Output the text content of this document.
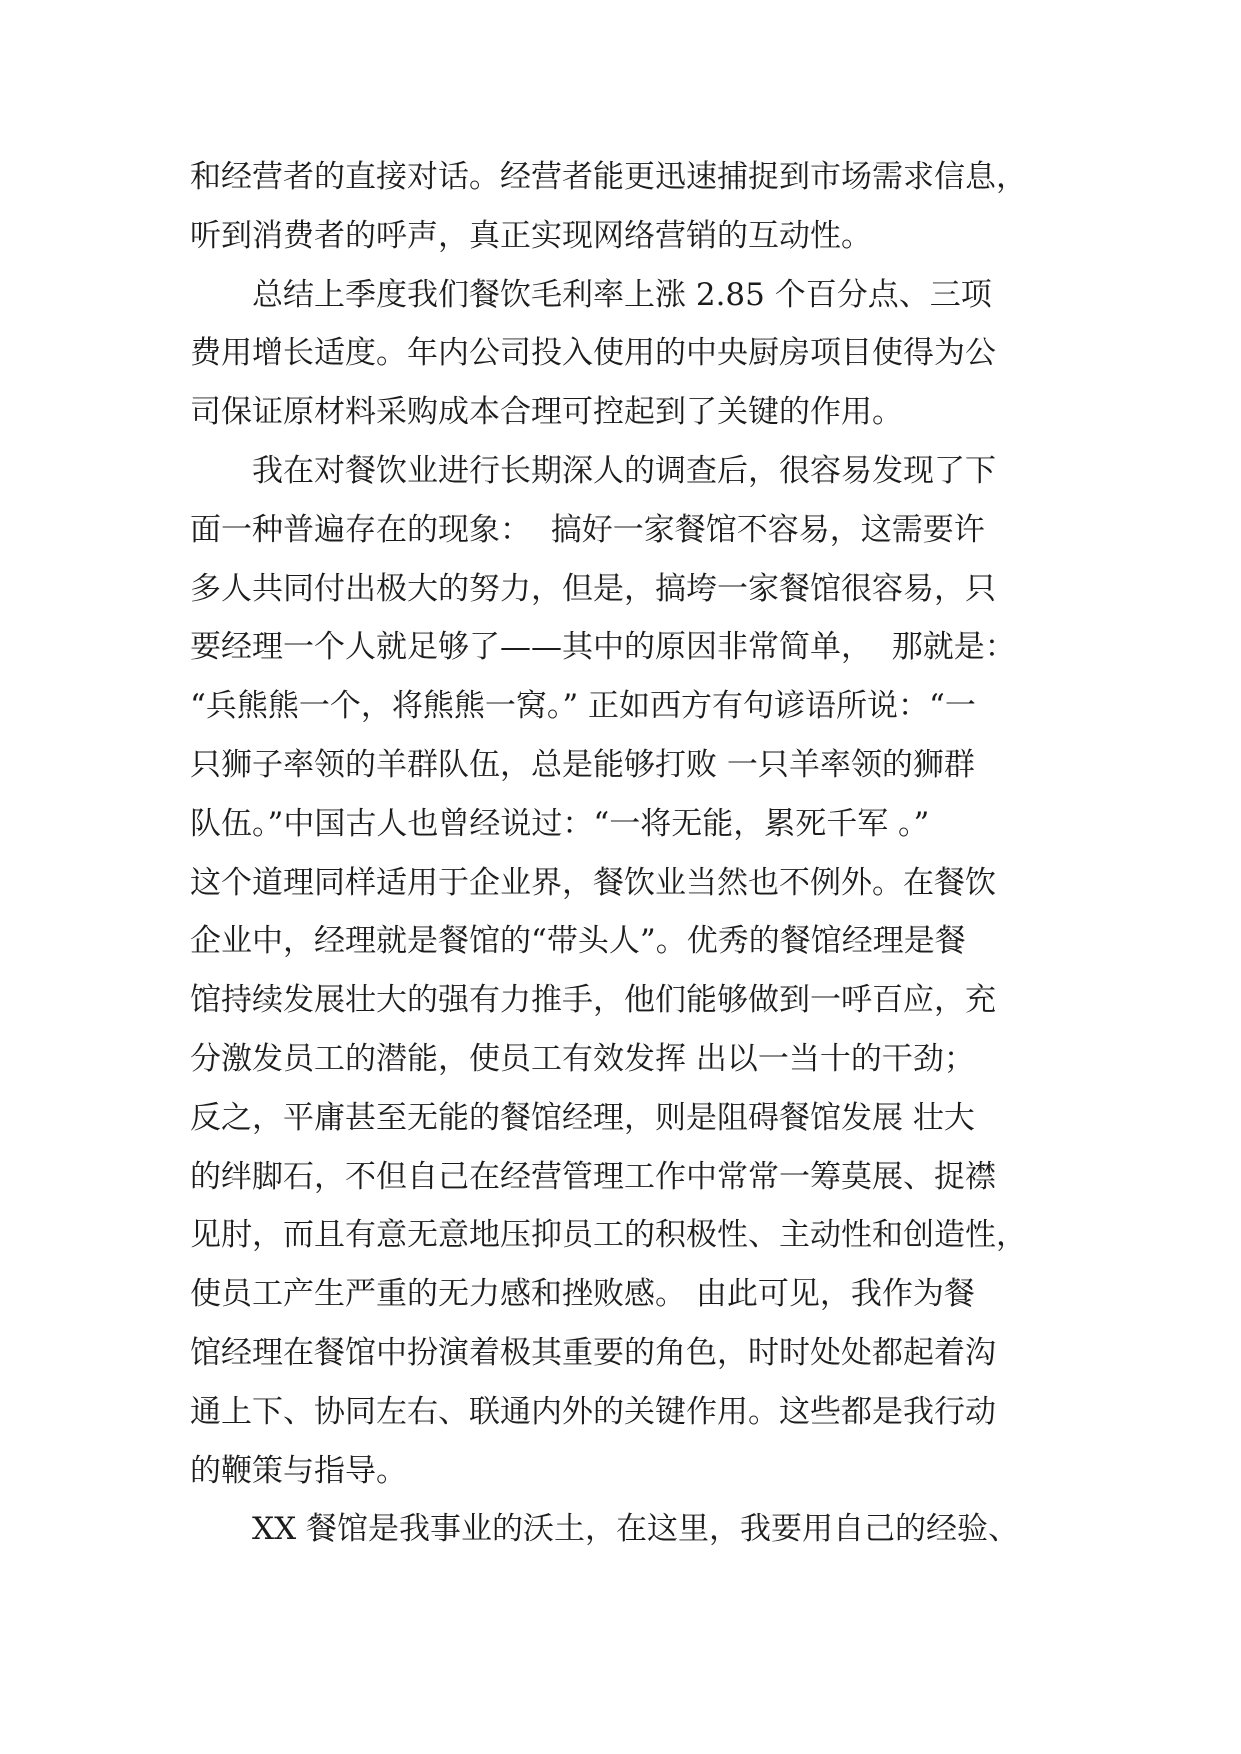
和经营者的直接对话。经营者能更迅速捕捉到市场需求信息，
听到消费者的呼声，真正实现网络营销的互动性。
　　总结上季度我们餐饮毛利率上涨 2.85 个百分点、三项
费用增长适度。年内公司投入使用的中央厨房项目使得为公
司保证原材料采购成本合理可控起到了关键的作用。
　　我在对餐饮业进行长期深人的调查后，很容易发现了下
面一种普遍存在的现象：  搞好一家餐馆不容易，这需要许
多人共同付出极大的努力，但是，搞垮一家餐馆很容易，只
要经理一个人就足够了——其中的原因非常简单，  那就是：
“兵熊熊一个，将熊熊一窝。” 正如西方有句谚语所说：“一
只狮子率领的羊群队伍，总是能够打败 一只羊率领的狮群
队伍。”中国古人也曾经说过：“一将无能，累死千军 。”
这个道理同样适用于企业界，餐饮业当然也不例外。在餐饮
企业中，经理就是餐馆的“带头人”。优秀的餐馆经理是餐
馆持续发展壮大的强有力推手，他们能够做到一呼百应，充
分激发员工的潜能，使员工有效发挥 出以一当十的干劲；
反之，平庸甚至无能的餐馆经理，则是阻碍餐馆发展 壮大
的绊脚石，不但自己在经营管理工作中常常一筹莫展、捉襟
见肘，而且有意无意地压抑员工的积极性、主动性和创造性，
使员工产生严重的无力感和挫败感。 由此可见，我作为餐
馆经理在餐馆中扮演着极其重要的角色，时时处处都起着沟
通上下、协同左右、联通内外的关键作用。这些都是我行动
的鞭策与指导。
　　XX 餐馆是我事业的沃土，在这里，我要用自己的经验、
